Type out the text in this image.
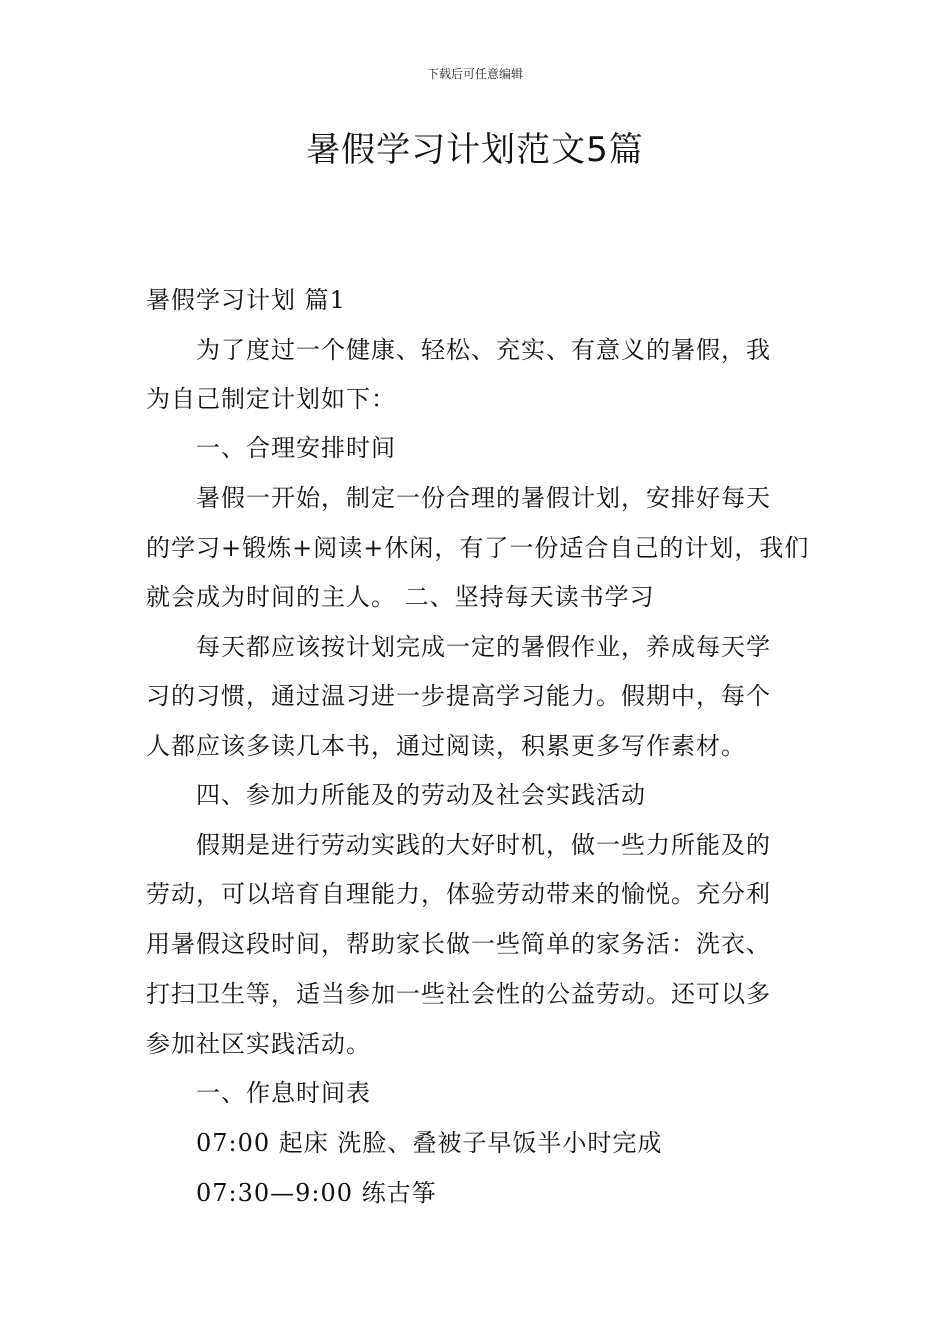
下载后可任意编辑
暑假学习计划范文5篇
暑假学习计划 篇1
为了度过一个健康、轻松、充实、有意义的暑假，我
为自己制定计划如下：
一、合理安排时间
暑假一开始，制定一份合理的暑假计划，安排好每天
的学习+锻炼+阅读+休闲，有了一份适合自己的计划，我们
就会成为时间的主人。 二、坚持每天读书学习
每天都应该按计划完成一定的暑假作业，养成每天学
习的习惯，通过温习进一步提高学习能力。假期中，每个
人都应该多读几本书，通过阅读，积累更多写作素材。
四、参加力所能及的劳动及社会实践活动
假期是进行劳动实践的大好时机，做一些力所能及的
劳动，可以培育自理能力，体验劳动带来的愉悦。充分利
用暑假这段时间，帮助家长做一些简单的家务活：洗衣、
打扫卫生等，适当参加一些社会性的公益劳动。还可以多
参加社区实践活动。
一、作息时间表
07:00 起床 洗脸、叠被子早饭半小时完成
07:30—9:00 练古筝
